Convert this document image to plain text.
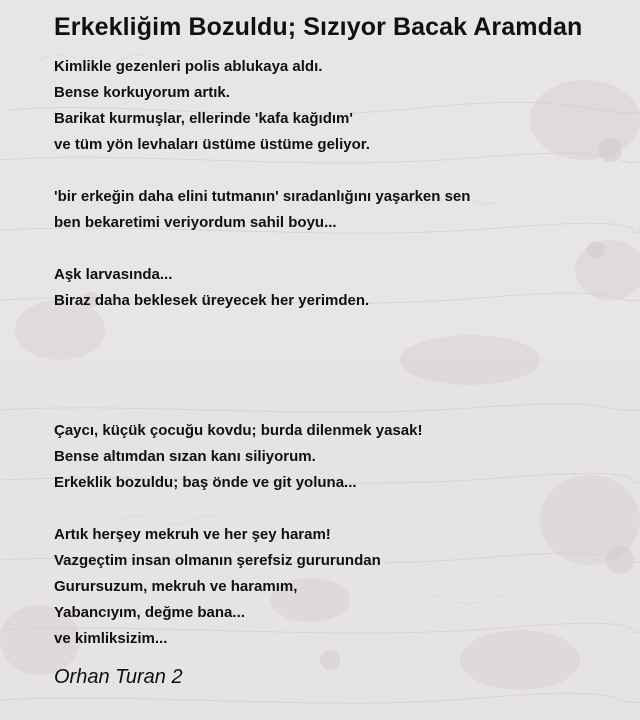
Erkekliğim Bozuldu; Sızıyor Bacak Aramdan
Kimlikle gezenleri polis ablukaya aldı.
Bense korkuyorum artık.
Barikat kurmuşlar, ellerinde 'kafa kağıdım'
ve tüm yön levhaları üstüme üstüme geliyor.
'bir erkeğin daha elini tutmanın' sıradanlığını yaşarken sen
ben bekaretimi veriyordum sahil boyu...
Aşk larvasında...
Biraz daha beklesek üreyecek her yerimden.
Çaycı, küçük çocuğu kovdu; burda dilenmek yasak!
Bense altımdan sızan kanı siliyorum.
Erkeklik bozuldu; baş önde ve git yoluna...
Artık herşey mekruh ve her şey haram!
Vazgeçtim insan olmanın şerefsiz gururundan
Gurursuzum, mekruh ve haramım,
Yabancıyım, değme bana...
ve kimliksizim...
Orhan Turan 2
